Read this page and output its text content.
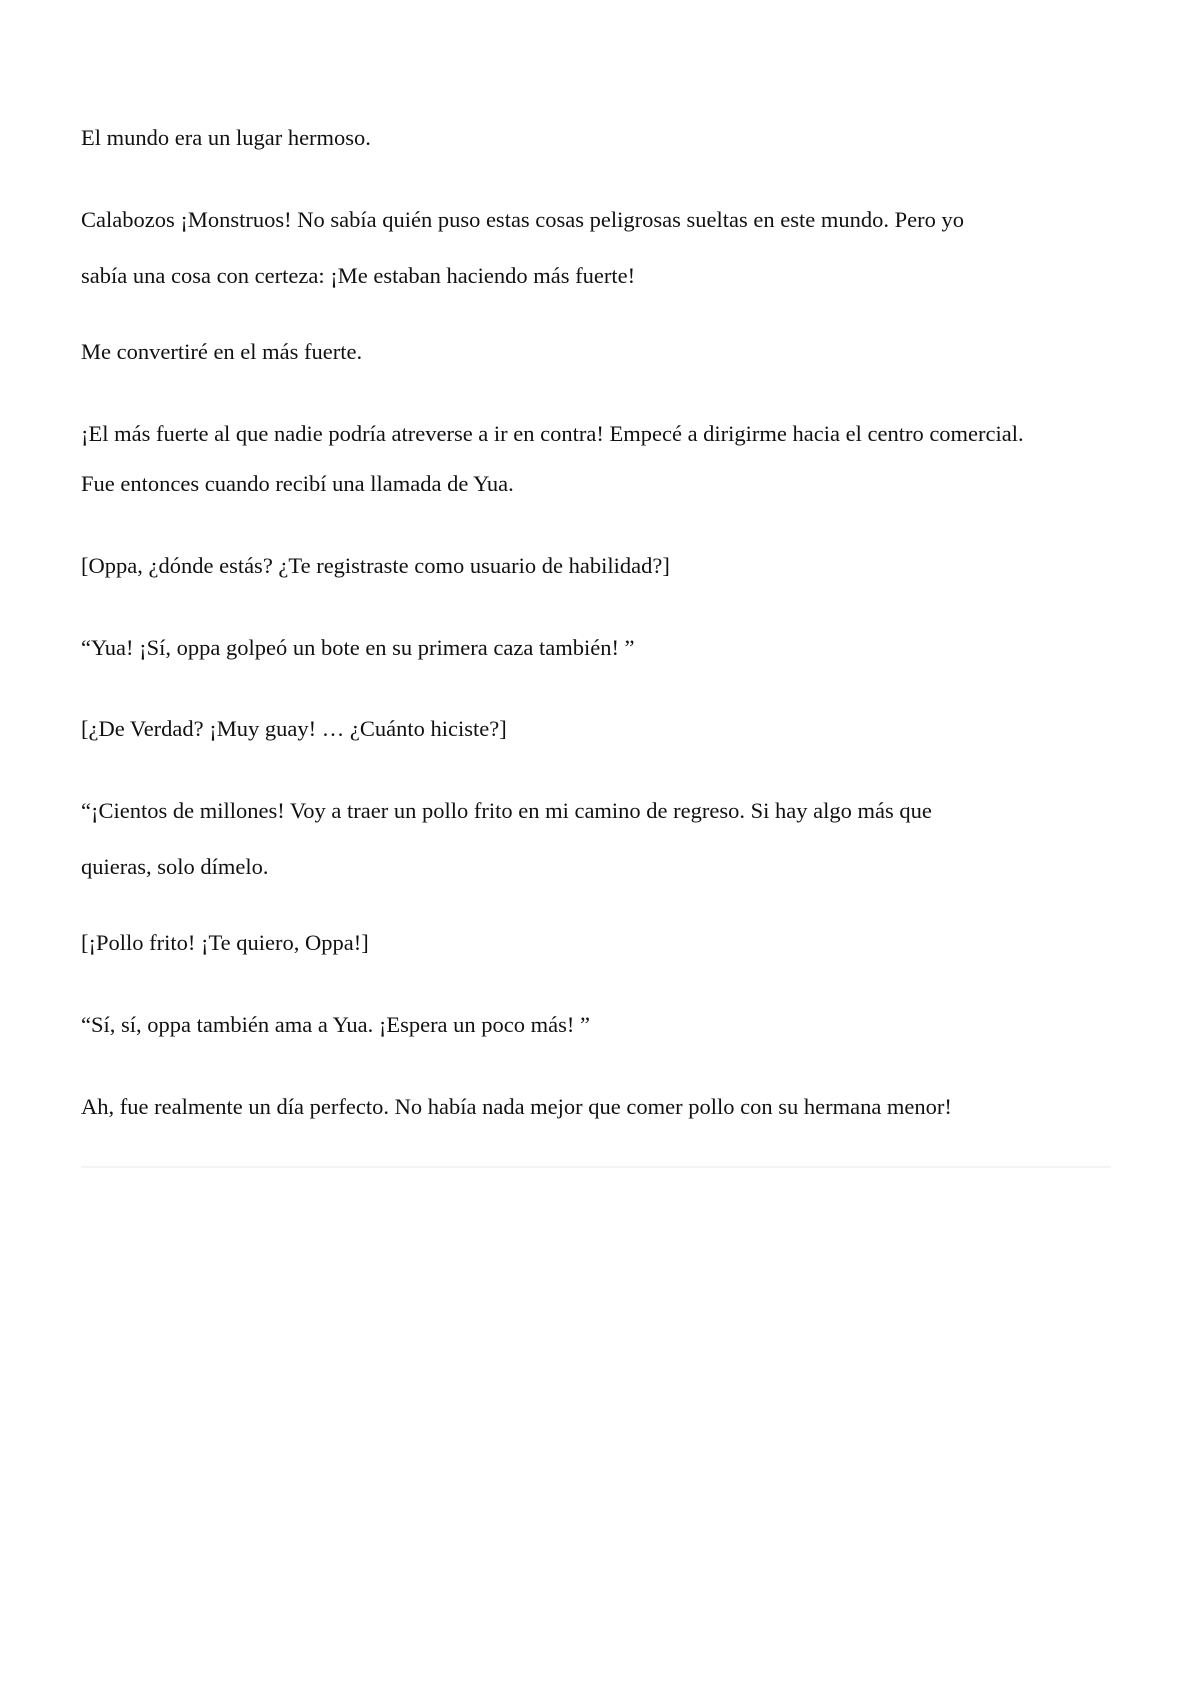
El mundo era un lugar hermoso.

Calabozos ¡Monstruos! No sabía quién puso estas cosas peligrosas sueltas en este mundo. Pero yo

sabía una cosa con certeza: ¡Me estaban haciendo más fuerte!

Me convertiré en el más fuerte.

¡El más fuerte al que nadie podría atreverse a ir en contra! Empecé a dirigirme hacia el centro comercial.

Fue entonces cuando recibí una llamada de Yua.

[Oppa, ¿dónde estás? ¿Te registraste como usuario de habilidad?]

“Yua! ¡Sí, oppa golpeó un bote en su primera caza también! ”

[¿De Verdad? ¡Muy guay! … ¿Cuánto hiciste?]

“¡Cientos de millones! Voy a traer un pollo frito en mi camino de regreso. Si hay algo más que

quieras, solo dímelo.

[¡Pollo frito! ¡Te quiero, Oppa!]

“Sí, sí, oppa también ama a Yua. ¡Espera un poco más! ”

Ah, fue realmente un día perfecto. No había nada mejor que comer pollo con su hermana menor!
